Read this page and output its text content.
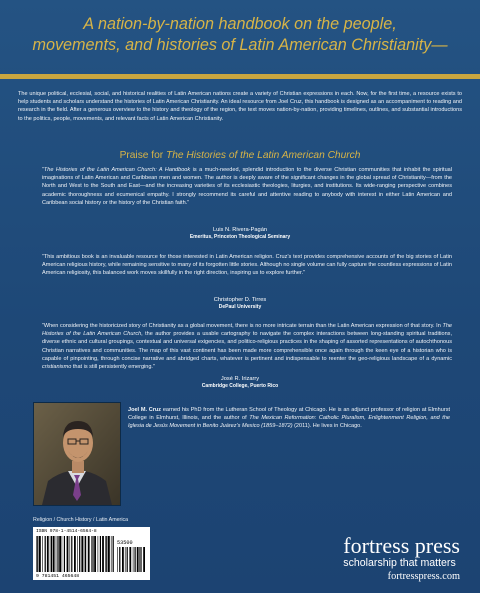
A nation-by-nation handbook on the people,
movements, and histories of Latin American Christianity—
The unique political, ecclesial, social, and historical realities of Latin American nations create a variety of Christian expressions in each. Now, for the first time, a resource exists to help students and scholars understand the histories of Latin American Christianity. An ideal resource from Joel Cruz, this handbook is designed as an accompaniment to reading and research in the field. After a generous overview to the history and theology of the region, the text moves nation-by-nation, providing timelines, outlines, and substantial introductions to the politics, people, movements, and relevant facts of Latin American Christianity.
Praise for The Histories of the Latin American Church
“The Histories of the Latin American Church: A Handbook is a much-needed, splendid introduction to the diverse Christian communities that inhabit the spiritual imaginations of Latin American and Caribbean men and women. The author is deeply aware of the significant changes in the global spread of Christianity—from the North and West to the South and East—and the increasing varieties of its ecclesiastic theologies, liturgies, and institutions. Its wide-ranging perspective combines academic thoroughness and ecumenical empathy. I strongly recommend its careful and attentive reading to anybody with interest in either Latin American and Caribbean social history or the history of the Christian faith.”
Luis N. Rivera-Pagán
Emeritus, Princeton Theological Seminary
“This ambitious book is an invaluable resource for those interested in Latin American religion. Cruz’s text provides comprehensive accounts of the big stories of Latin American religious history, while remaining sensitive to many of its forgotten little stories. Although no single volume can fully capture the countless expressions of Latin American religiosity, this balanced work moves skillfully in the right direction, inspiring us to explore further.”
Christopher D. Tirres
DePaul University
“When considering the historicized story of Christianity as a global movement, there is no more intricate terrain than the Latin American expression of that story. In The Histories of the Latin American Church, the author provides a usable cartography to navigate the complex interactions between long-standing spiritual traditions, diverse ethnic and cultural groupings, contextual and universal exigencies, and politico-religious practices in the shaping of assorted representations of autochthonous Christian narratives and communities. The map of this vast continent has been made more comprehensible once again through the keen eye of a historian who is capable of pinpointing, through concise narrative and abridged charts, whatever is pertinent and indispensable to reenter the geo-religious landscape of a dynamic cristianismo that is still persistently emerging.”
José R. Irizarry
Cambridge College, Puerto Rico
Joel M. Cruz earned his PhD from the Lutheran School of Theology at Chicago. He is an adjunct professor of religion at Elmhurst College in Elmhurst, Illinois, and the author of The Mexican Reformation: Catholic Pluralism, Enlightenment Religion, and the Iglesia de Jesús Movement in Benito Juárez’s Mexico (1859–1872) (2011). He lives in Chicago.
Religion / Church History / Latin America
ISBN 978-1-4514-6564-8
53500
9 781451 465648
fortress press
scholarship that matters
fortresspress.com
